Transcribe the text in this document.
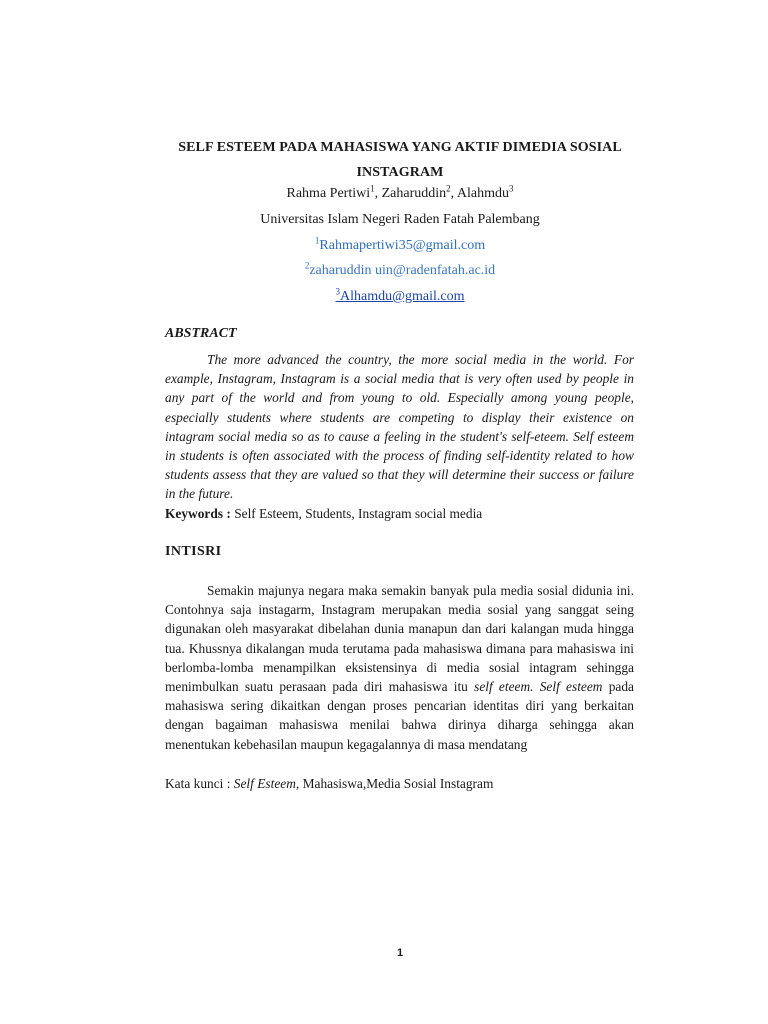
SELF ESTEEM PADA MAHASISWA YANG AKTIF DIMEDIA SOSIAL
INSTAGRAM
Rahma Pertiwi$^1$, Zaharuddin$^2$, Alahmdu$^3$
Universitas Islam Negeri Raden Fatah Palembang
$^1$Rahmapertiwi35@gmail.com
$^2$zaharuddin uin@radenfatah.ac.id
$^3$Alhamdu@gmail.com
ABSTRACT
The more advanced the country, the more social media in the world. For example, Instagram, Instagram is a social media that is very often used by people in any part of the world and from young to old. Especially among young people, especially students where students are competing to display their existence on intagram social media so as to cause a feeling in the student's self-eteem. Self esteem in students is often associated with the process of finding self-identity related to how students assess that they are valued so that they will determine their success or failure in the future.
Keywords : Self Esteem, Students, Instagram social media
INTISRI
Semakin majunya negara maka semakin banyak pula media sosial didunia ini. Contohnya saja instagarm, Instagram merupakan media sosial yang sanggat seing digunakan oleh masyarakat dibelahan dunia manapun dan dari kalangan muda hingga tua. Khussnya dikalangan muda terutama pada mahasiswa dimana para mahasiswa ini berlomba-lomba menampilkan eksistensinya di media sosial intagram sehingga menimbulkan suatu perasaan pada diri mahasiswa itu self eteem. Self esteem pada mahasiswa sering dikaitkan dengan proses pencarian identitas diri yang berkaitan dengan bagaiman mahasiswa menilai bahwa dirinya diharga sehingga akan menentukan kebehasilan maupun kegagalannya di masa mendatang
Kata kunci : Self Esteem, Mahasiswa,Media Sosial Instagram
1
